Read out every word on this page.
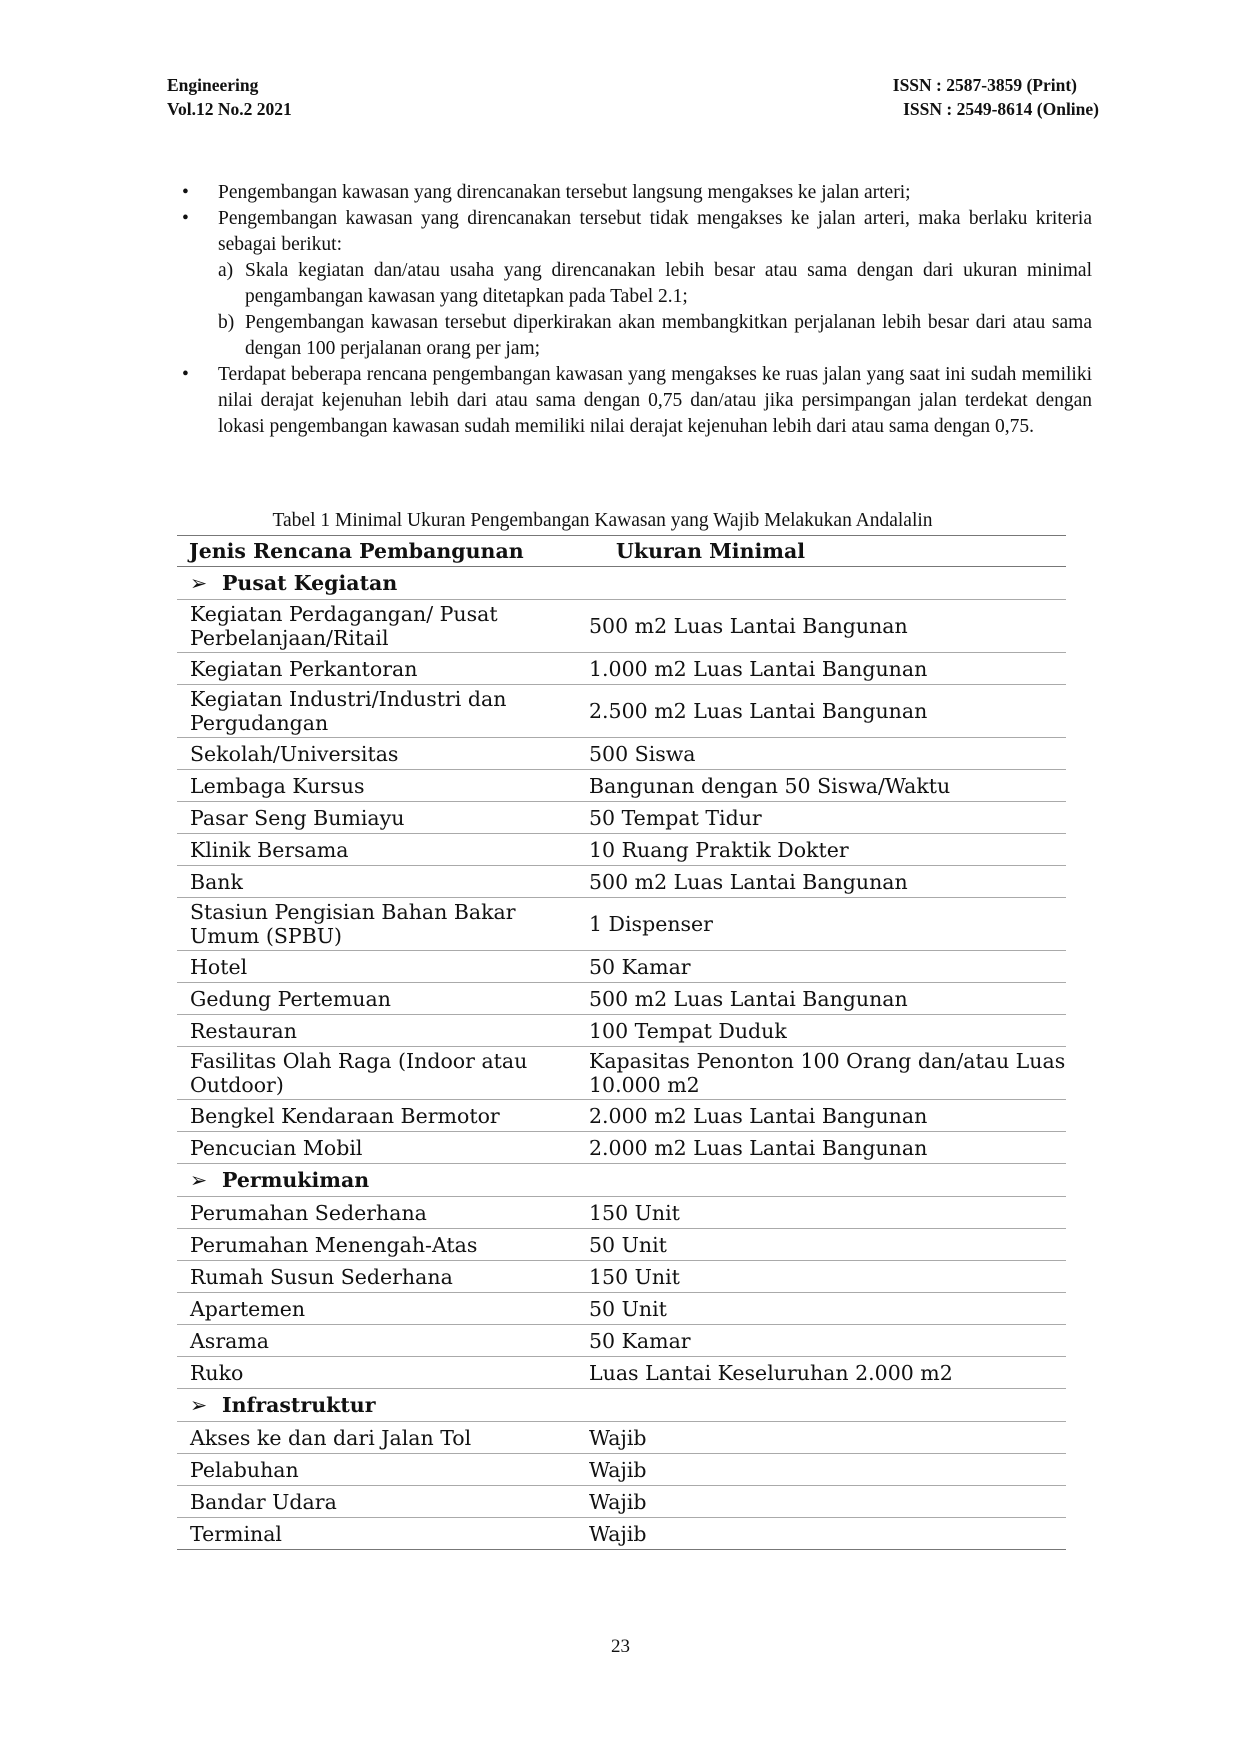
Engineering
Vol.12 No.2 2021
ISSN : 2587-3859 (Print)
ISSN : 2549-8614 (Online)
• Pengembangan kawasan yang direncanakan tersebut langsung mengakses ke jalan arteri;
• Pengembangan kawasan yang direncanakan tersebut tidak mengakses ke jalan arteri, maka berlaku kriteria sebagai berikut:
a) Skala kegiatan dan/atau usaha yang direncanakan lebih besar atau sama dengan dari ukuran minimal pengambangan kawasan yang ditetapkan pada Tabel 2.1;
b) Pengembangan kawasan tersebut diperkirakan akan membangkitkan perjalanan lebih besar dari atau sama dengan 100 perjalanan orang per jam;
• Terdapat beberapa rencana pengembangan kawasan yang mengakses ke ruas jalan yang saat ini sudah memiliki nilai derajat kejenuhan lebih dari atau sama dengan 0,75 dan/atau jika persimpangan jalan terdekat dengan lokasi pengembangan kawasan sudah memiliki nilai derajat kejenuhan lebih dari atau sama dengan 0,75.
Tabel 1 Minimal Ukuran Pengembangan Kawasan yang Wajib Melakukan Andalalin
Jenis Rencana Pembangunan	Ukuran Minimal
➢ Pusat Kegiatan	
Kegiatan Perdagangan/ Pusat Perbelanjaan/Ritail	500 m2 Luas Lantai Bangunan
Kegiatan Perkantoran	1.000 m2 Luas Lantai Bangunan
Kegiatan Industri/Industri dan Pergudangan	2.500 m2 Luas Lantai Bangunan
Sekolah/Universitas	500 Siswa
Lembaga Kursus	Bangunan dengan 50 Siswa/Waktu
Pasar Seng Bumiayu	50 Tempat Tidur
Klinik Bersama	10 Ruang Praktik Dokter
Bank	500 m2 Luas Lantai Bangunan
Stasiun Pengisian Bahan Bakar Umum (SPBU)	1 Dispenser
Hotel	50 Kamar
Gedung Pertemuan	500 m2 Luas Lantai Bangunan
Restauran	100 Tempat Duduk
Fasilitas Olah Raga (Indoor atau Outdoor)	Kapasitas Penonton 100 Orang dan/atau Luas 10.000 m2
Bengkel Kendaraan Bermotor	2.000 m2 Luas Lantai Bangunan
Pencucian Mobil	2.000 m2 Luas Lantai Bangunan
➢ Permukiman	
Perumahan Sederhana	150 Unit
Perumahan Menengah-Atas	50 Unit
Rumah Susun Sederhana	150 Unit
Apartemen	50 Unit
Asrama	50 Kamar
Ruko	Luas Lantai Keseluruhan 2.000 m2
➢ Infrastruktur	
Akses ke dan dari Jalan Tol	Wajib
Pelabuhan	Wajib
Bandar Udara	Wajib
Terminal	Wajib
23
